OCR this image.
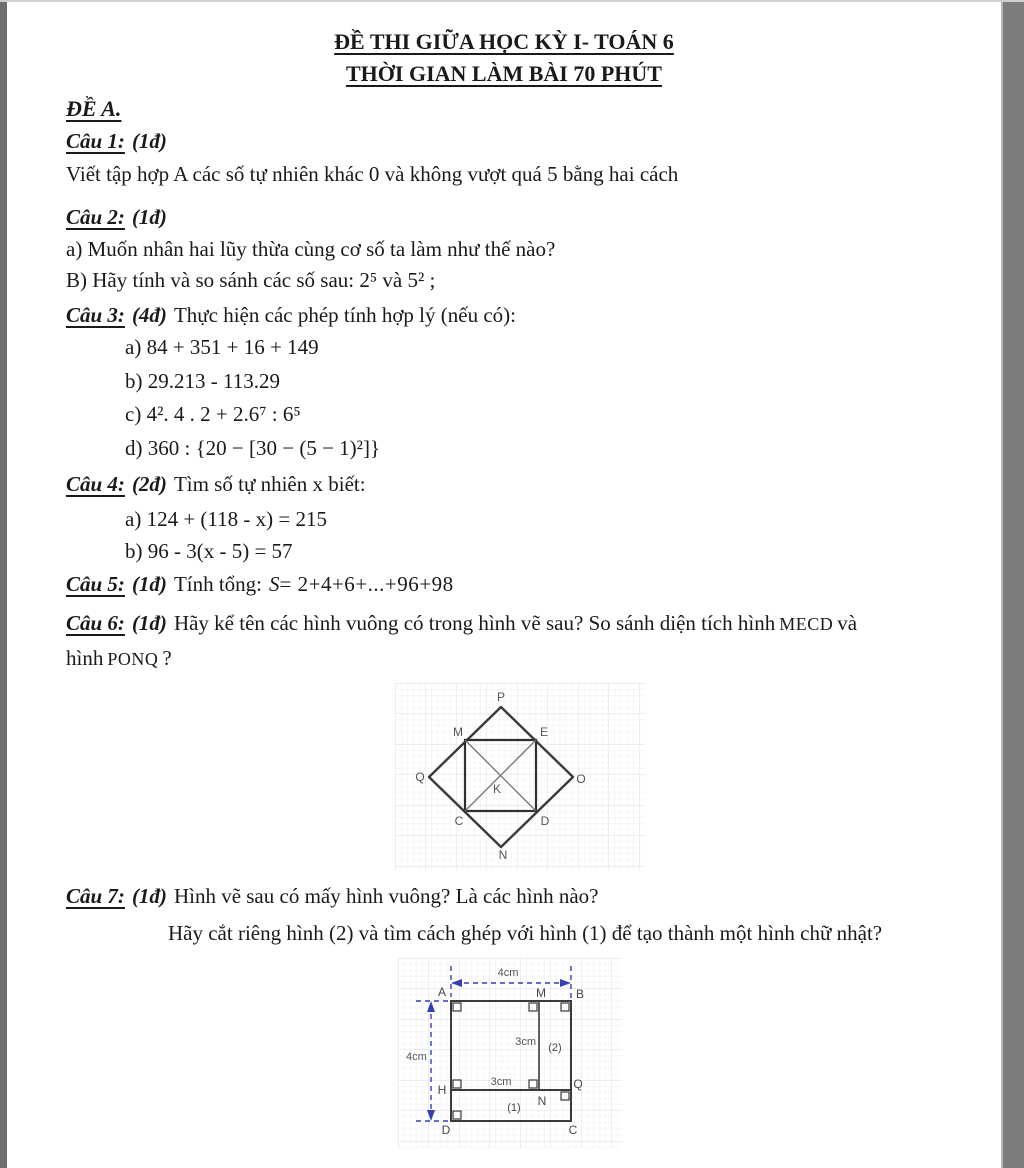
ĐỀ THI GIỮA HỌC KỲ I- TOÁN 6
THỜI GIAN LÀM BÀI 70 PHÚT
ĐỀ A.
Câu 1: (1đ)
Viết tập hợp A các số tự nhiên khác 0 và không vượt quá 5 bằng hai cách
Câu 2: (1đ)
a) Muốn nhân hai lũy thừa cùng cơ số ta làm như thế nào?
B) Hãy tính và so sánh các số sau: 2⁵ và 5² ;
Câu 3: (4đ) Thực hiện các phép tính hợp lý (nếu có):
a) 84 + 351 + 16 + 149
b) 29.213 - 113.29
c) 4². 4 . 2 + 2.6⁷ : 6⁵
d) 360 : {20 − [30 − (5 − 1)²]}
Câu 4: (2đ) Tìm số tự nhiên x biết:
a) 124 + (118 - x) = 215
b) 96 - 3(x - 5) = 57
Câu 5: (1đ) Tính tổng: S= 2+4+6+...+96+98
Câu 6: (1đ) Hãy kể tên các hình vuông có trong hình vẽ sau? So sánh diện tích hình MECD và
hình PONQ ?
P
M	E
Q	O
K
C	D
N
Câu 7: (1đ) Hình vẽ sau có mấy hình vuông? Là các hình nào?
Hãy cắt riêng hình (2) và tìm cách ghép với hình (1) để tạo thành một hình chữ nhật?
4cm
4cm
3cm
3cm
(2)
(1)
A	M B
H
N
Q
D	C
